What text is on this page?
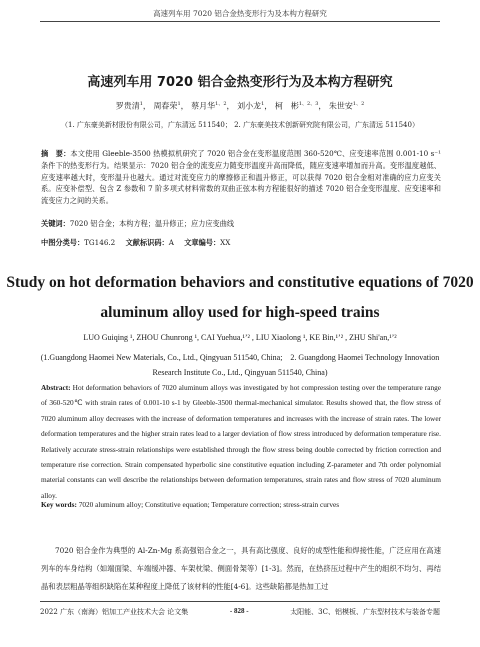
高速列车用 7020 铝合金热变形行为及本构方程研究
高速列车用 7020 铝合金热变形行为及本构方程研究
罗贵清$^1$， 周春荣$^1$， 蔡月华$^{1、2}$， 刘小龙$^1$， 柯　彬$^{1、2、3}$， 朱世安$^{1、2}$
（1. 广东豪美新材股份有限公司，广东清远 511540； 2. 广东豪美技术创新研究院有限公司，广东清远 511540）
摘　要：本文使用 Gleeble-3500 热模拟机研究了 7020 铝合金在变形温度范围 360-520℃、应变速率范围 0.001-10 s⁻¹条件下的热变形行为。结果显示：7020 铝合金的流变应力随变形温度升高而降低，随应变速率增加而升高。变形温度越低、应变速率越大时，变形温升也越大。通过对流变应力的摩擦修正和温升修正，可以获得 7020 铝合金相对准确的应力应变关系。应变补偿型、包含 Z 参数和 7 阶多项式材料常数的双曲正弦本构方程能很好的描述 7020 铝合金变形温度、应变速率和流变应力之间的关系。
关键词：7020 铝合金；本构方程；温升修正；应力应变曲线
中图分类号：TG146.2 文献标识码：A 文章编号：XX
Study on hot deformation behaviors and constitutive equations of 7020 aluminum alloy used for high-speed trains
LUO Guiqing ¹, ZHOU Chunrong ¹, CAI Yuehua,¹ʼ² , LIU Xiaolong ¹, KE Bin,¹ʼ² , ZHU Shi'an,¹ʼ²
(1.Guangdong Haomei New Materials, Co., Ltd., Qingyuan 511540, China;　2. Guangdong Haomei Technology Innovation
Research Institute Co., Ltd., Qingyuan 511540, China)
Abstract: Hot deformation behaviors of 7020 aluminum alloys was investigated by hot compression testing over the temperature range of 360-520℃ with strain rates of 0.001-10 s-1 by Gleeble-3500 thermal-mechanical simulator. Results showed that, the flow stress of 7020 aluminum alloy decreases with the increase of deformation temperatures and increases with the increase of strain rates. The lower deformation temperatures and the higher strain rates lead to a larger deviation of flow stress introduced by deformation temperature rise. Relatively accurate stress-strain relationships were established through the flow stress being double corrected by friction correction and temperature rise correction. Strain compensated hyperbolic sine constitutive equation including Z-parameter and 7th order polynomial material constants can well describe the relationships between deformation temperatures, strain rates and flow stress of 7020 aluminum alloy.
Key words: 7020 aluminum alloy; Constitutive equation; Temperature correction; stress-strain curves
7020 铝合金作为典型的 Al-Zn-Mg 系高强铝合金之一，具有高比强度、良好的成型性能和焊接性能，广泛应用在高速列车的车身结构（如端面梁、车端缓冲器、车架枕梁、侧面骨架等）[1-3]。然而，在热挤压过程中产生的组织不均匀、再结晶和表层粗晶等组织缺陷在某种程度上降低了该材料的性能[4-6]。这些缺陷都是热加工过
2022 广东（南海）铝加工产业技术大会 论文集	- 828 -	太阳能、3C、铝模板、广东型材技术与装备专题
